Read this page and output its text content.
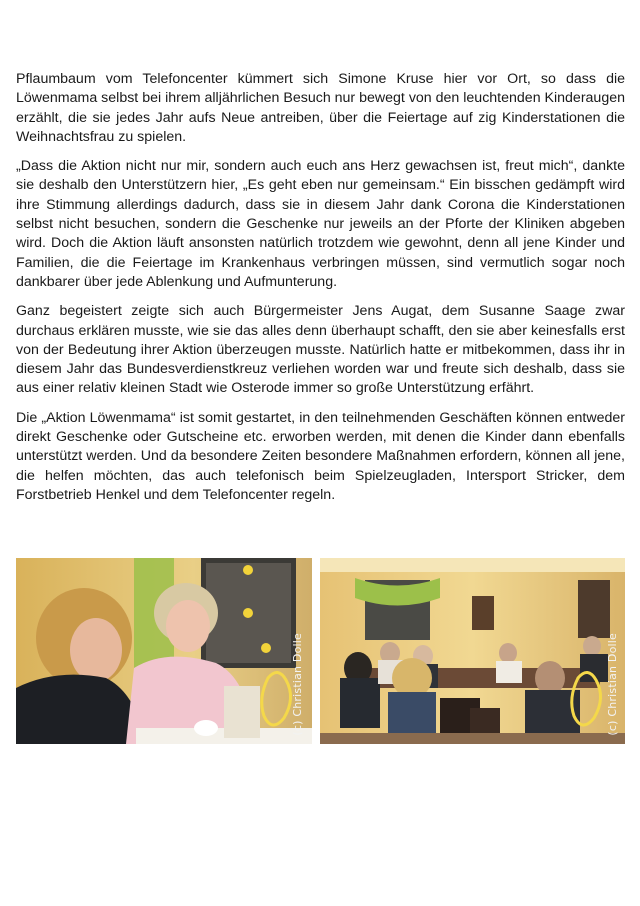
Pflaumbaum vom Telefoncenter kümmert sich Simone Kruse hier vor Ort, so dass die Löwenmama selbst bei ihrem alljährlichen Besuch nur bewegt von den leuchtenden Kinderaugen erzählt, die sie jedes Jahr aufs Neue antreiben, über die Feiertage auf zig Kinderstationen die Weihnachtsfrau zu spielen.

„Dass die Aktion nicht nur mir, sondern auch euch ans Herz gewachsen ist, freut mich“, dankte sie deshalb den Unterstützern hier, „Es geht eben nur gemeinsam.“ Ein bisschen gedämpft wird ihre Stimmung allerdings dadurch, dass sie in diesem Jahr dank Corona die Kinderstationen selbst nicht besuchen, sondern die Geschenke nur jeweils an der Pforte der Kliniken abgeben wird. Doch die Aktion läuft ansonsten natürlich trotzdem wie gewohnt, denn all jene Kinder und Familien, die die Feiertage im Krankenhaus verbringen müssen, sind vermutlich sogar noch dankbarer über jede Ablenkung und Aufmunterung.

Ganz begeistert zeigte sich auch Bürgermeister Jens Augat, dem Susanne Saage zwar durchaus erklären musste, wie sie das alles denn überhaupt schafft, den sie aber keinesfalls erst von der Bedeutung ihrer Aktion überzeugen musste. Natürlich hatte er mitbekommen, dass ihr in diesem Jahr das Bundesverdienstkreuz verliehen worden war und freute sich deshalb, dass sie aus einer relativ kleinen Stadt wie Osterode immer so große Unterstützung erfährt.

Die „Aktion Löwenmama“ ist somit gestartet, in den teilnehmenden Geschäften können entweder direkt Geschenke oder Gutscheine etc. erworben werden, mit denen die Kinder dann ebenfalls unterstützt werden. Und da besondere Zeiten besondere Maßnahmen erfordern, können all jene, die helfen möchten, das auch telefonisch beim Spielzeugladen, Intersport Stricker, dem Forstbetrieb Henkel und dem Telefoncenter regeln.

(c) Christian Dolle	(c) Christian Dolle
